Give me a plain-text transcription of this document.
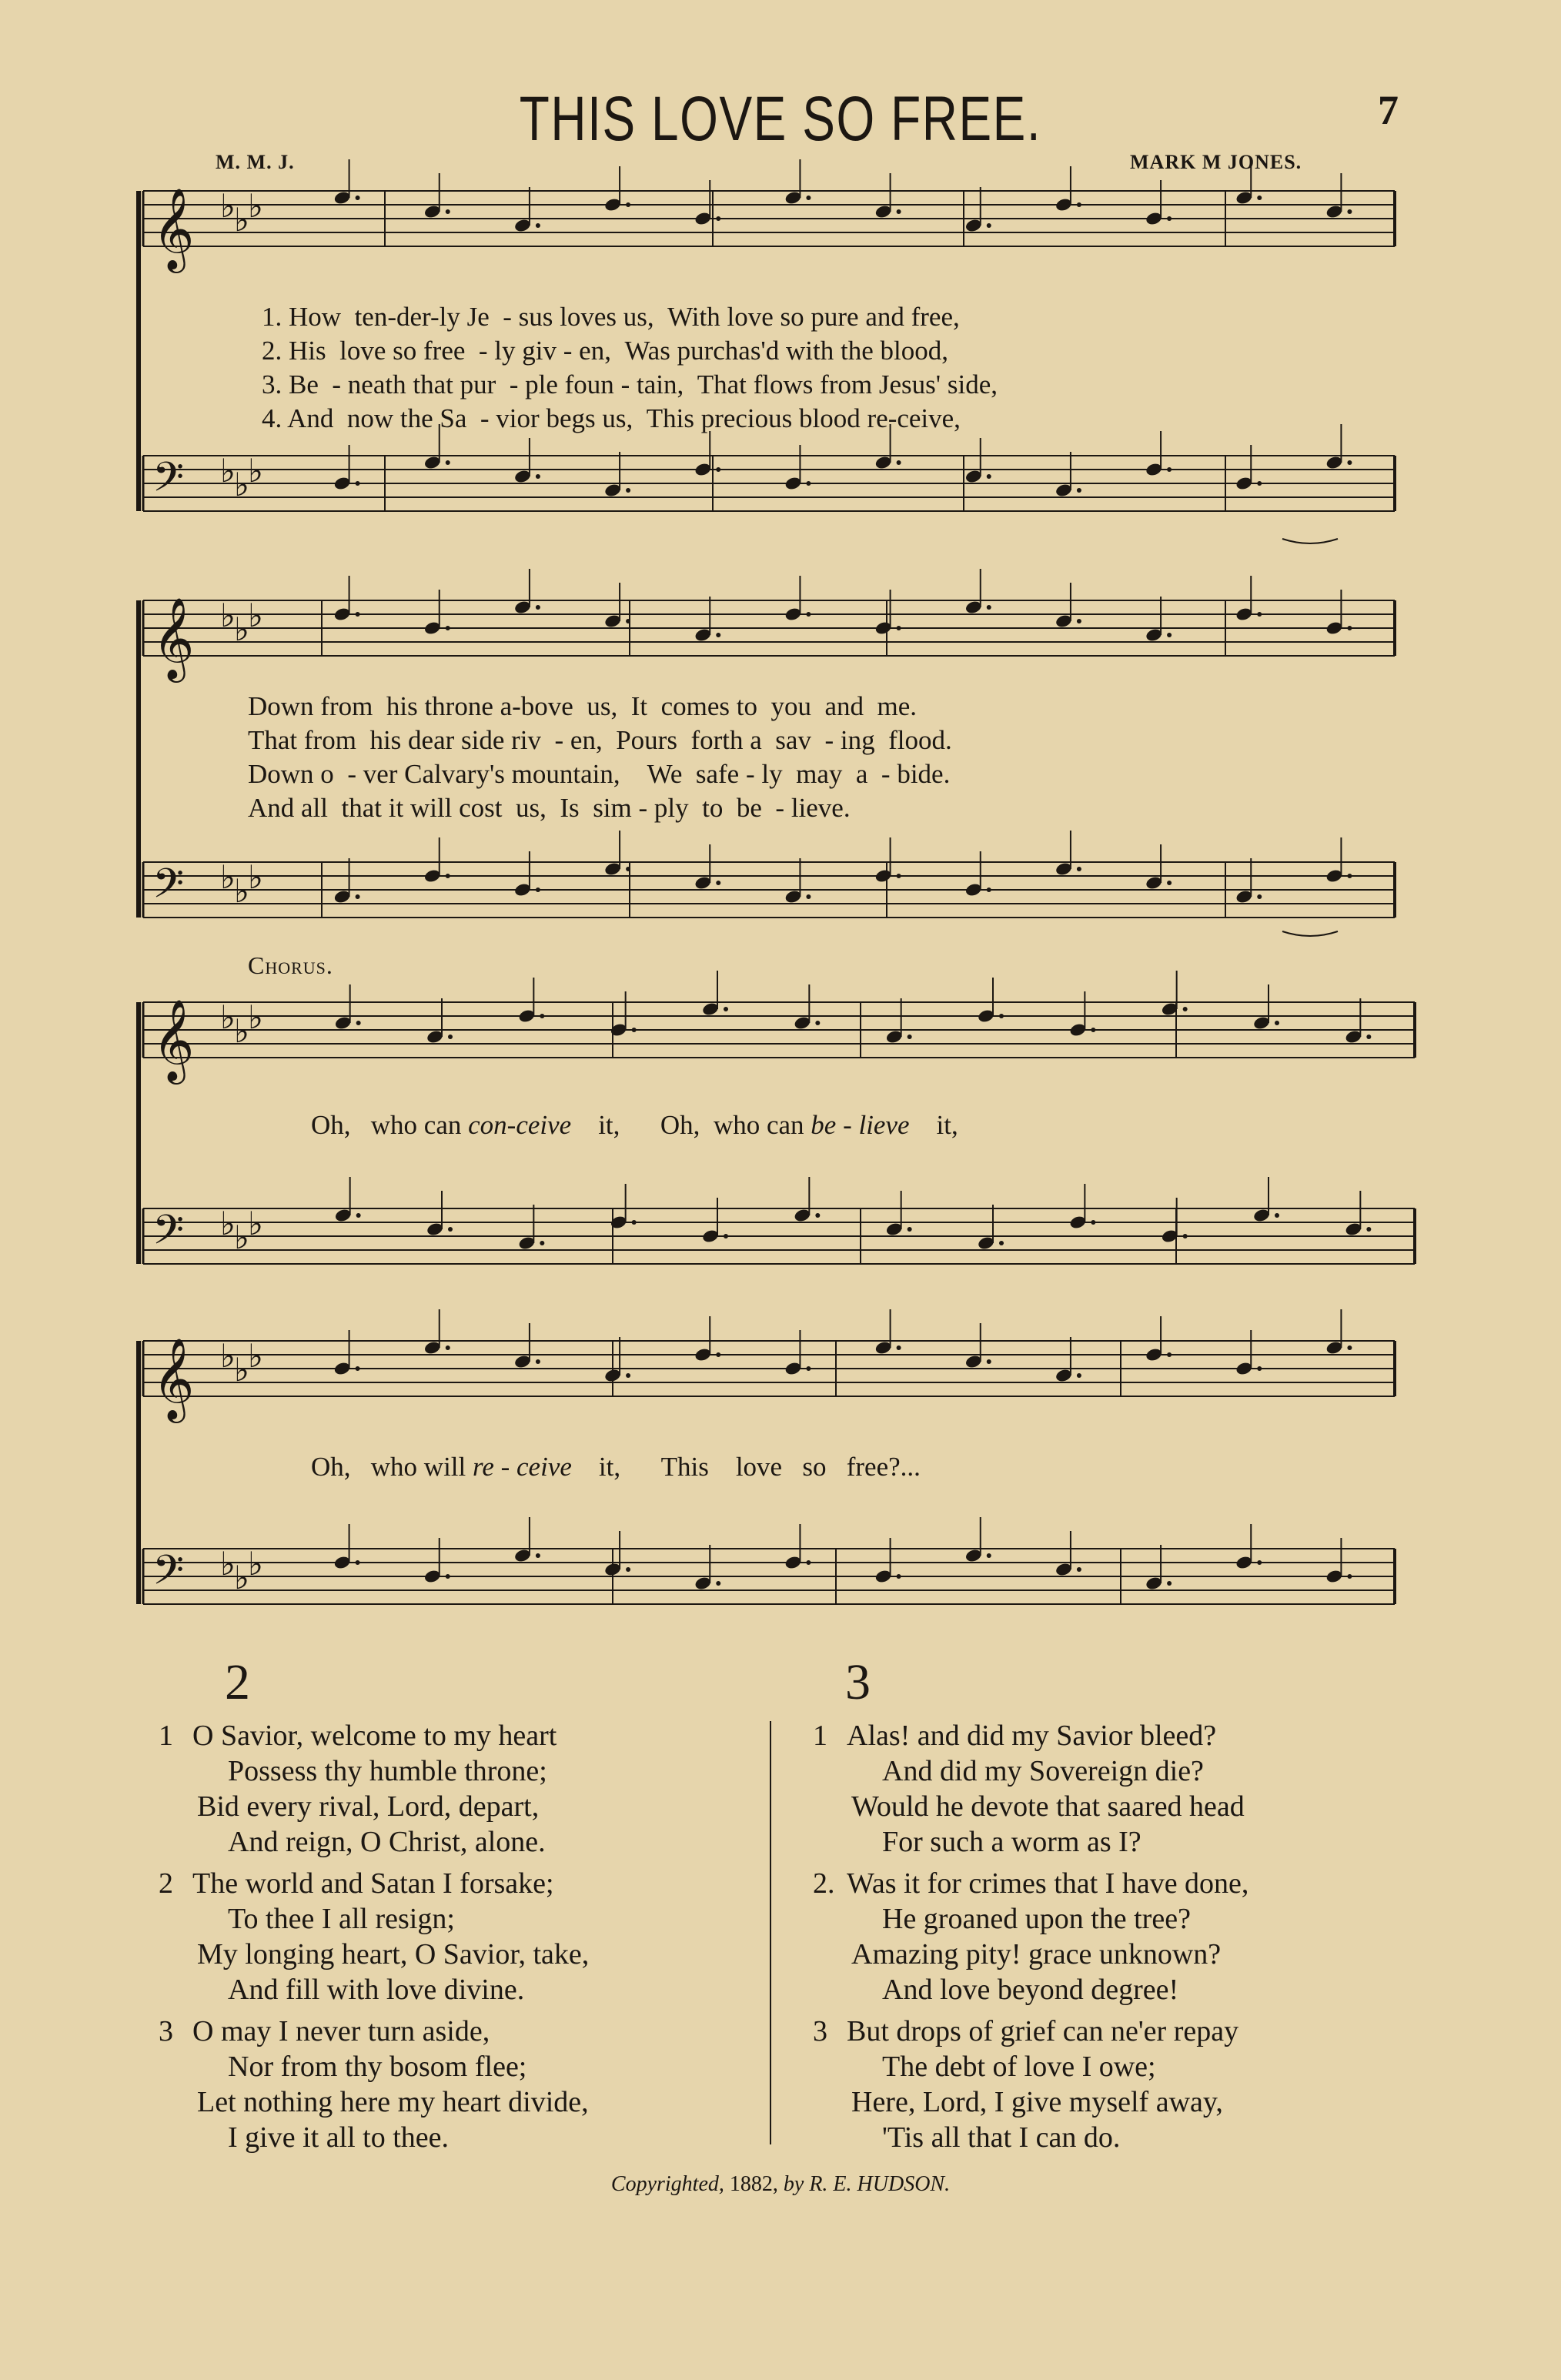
THIS LOVE SO FREE.	7
M. M. J.	MARK M JONES.
𝄞 ♭
♭
♭
𝄢 ♭
♭
♭
𝄞 ♭
♭
♭
𝄢 ♭
♭
♭
𝄞 ♭
♭
♭
𝄢 ♭
♭
♭
𝄞 ♭
♭
♭
𝄢 ♭
♭
♭
1. How ten-der-ly Je - sus loves us, With love so pure and free,
2. His love so free - ly giv - en, Was purchas'd with the blood,
3. Be - neath that pur - ple foun - tain, That flows from Jesus' side,
4. And now the Sa - vior begs us, This precious blood re-ceive,
Down from his throne a-bove us, It comes to you and me.
That from his dear side riv - en, Pours forth a sav - ing flood.
Down o - ver Calvary's mountain, We safe - ly may a - bide.
And all that it will cost us, Is sim - ply to be - lieve.
Chorus.
Oh, who can con-ceive it, Oh, who can be - lieve it,
Oh, who will re - ceive it, This love so free?...
2	3
1 O Savior, welcome to my heart
Possess thy humble throne;
Bid every rival, Lord, depart,
And reign, O Christ, alone.
2 The world and Satan I forsake;
To thee I all resign;
My longing heart, O Savior, take,
And fill with love divine.
3 O may I never turn aside,
Nor from thy bosom flee;
Let nothing here my heart divide,
I give it all to thee.
1 Alas! and did my Savior bleed?
And did my Sovereign die?
Would he devote that saared head
For such a worm as I?
2. Was it for crimes that I have done,
He groaned upon the tree?
Amazing pity! grace unknown?
And love beyond degree!
3 But drops of grief can ne'er repay
The debt of love I owe;
Here, Lord, I give myself away,
'Tis all that I can do.
Copyrighted, 1882, by R. E. HUDSON.
